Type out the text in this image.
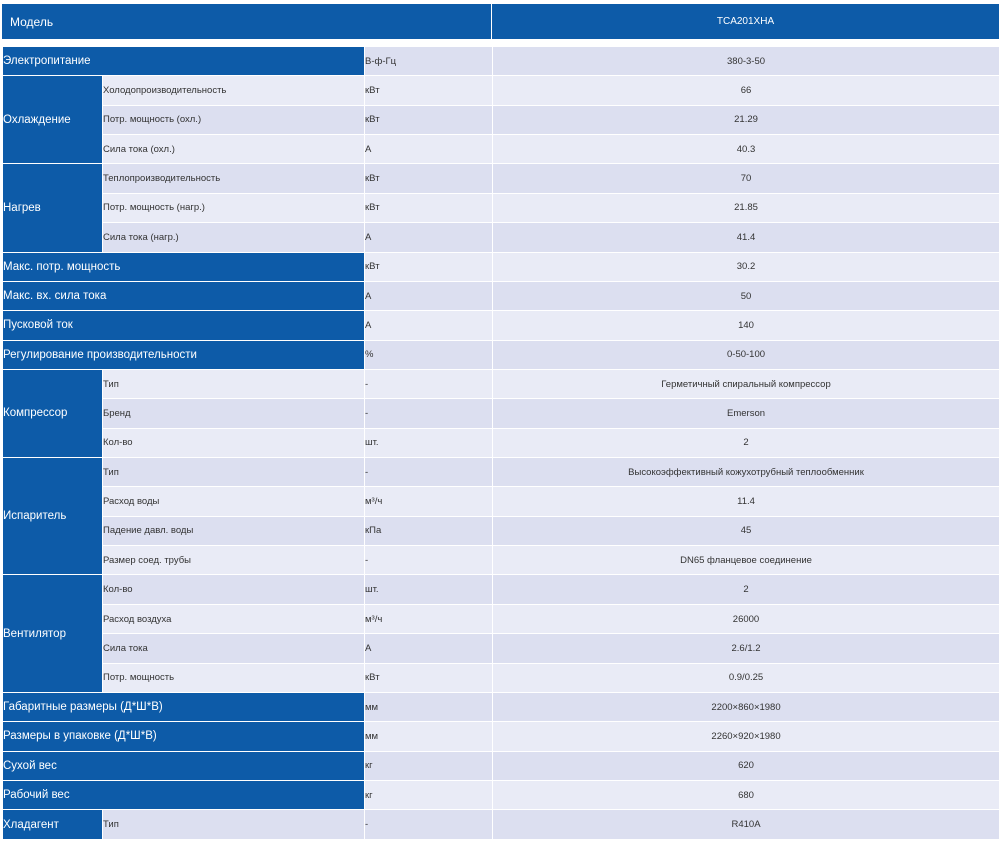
Модель	TCA201XHA
Электропитание		В-ф-Гц	380-3-50
Охлаждение	Холодопроизводительность	кВт	66
	Потр. мощность (охл.)	кВт	21.29
	Сила тока (охл.)	А	40.3
Нагрев	Теплопроизводительность	кВт	70
	Потр. мощность (нагр.)	кВт	21.85
	Сила тока (нагр.)	А	41.4
Макс. потр. мощность		кВт	30.2
Макс. вх. сила тока		А	50
Пусковой ток		А	140
Регулирование производительности		%	0-50-100
Компрессор	Тип	-	Герметичный спиральный компрессор
	Бренд	-	Emerson
	Кол-во	шт.	2
Испаритель	Тип	-	Высокоэффективный кожухотрубный теплообменник
	Расход воды	м³/ч	11.4
	Падение давл. воды	кПа	45
	Размер соед. трубы	-	DN65 фланцевое соединение
Вентилятор	Кол-во	шт.	2
	Расход воздуха	м³/ч	26000
	Сила тока	А	2.6/1.2
	Потр. мощность	кВт	0.9/0.25
Габаритные размеры (Д*Ш*В)		мм	2200×860×1980
Размеры в упаковке (Д*Ш*В)		мм	2260×920×1980
Сухой вес		кг	620
Рабочий вес		кг	680
Хладагент	Тип	-	R410A
